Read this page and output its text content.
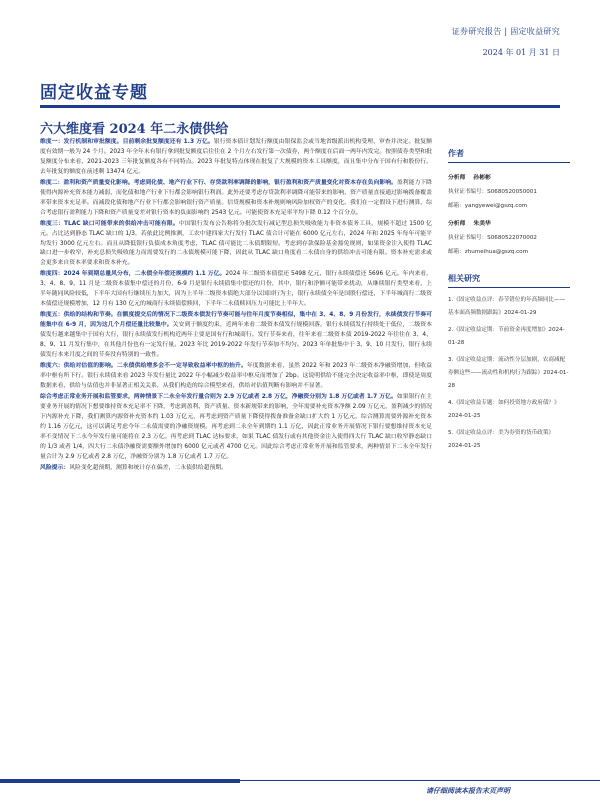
证券研究报告 | 固定收益研究
2024 年 01 月 31 日
固定收益专题
六大维度看 2024 年二永债供给

维度一：发行机制和审批额度。目前剩余批复额度还有 1.3 万亿。银行资本债计划发行额度由银保监会或当地省级派出机构受理、审查并决定。批复额度有效期一般为 24 个月。2023 年全年未有银行拿到批复额度后往往在 2 个月左右发行第一次债券，两个额度在后面一两年内发完。按照债券类型和批复额度分布来看，2021-2023 三年批复额度各有不同特点。2023 年批复特点体现在批复了大规模的资本工具额度，而且集中分布于国有行和股份行。去年批复的额度在前述剩 13474 亿元。

维度二：盈利和资产质量变化影响。考虑到化债、地产行业下行、存贷款利率调降的影响，银行盈利和资产质量变化对资本存在负向影响。盈利能力下降使得内源补充资本能力减弱，而化债和地产行业下行都会影响银行利润。此外还要考虑存贷款利率调降可能带来的影响，资产质量直接通过影响拨备覆盖率带来资本充足率。而减段化债和地产行业下行都会影响银行资产质量。信贷规模和资本补规则响风险加权资产的变化。我们在一定假设下进行测算，综合考虑银行盈利能力下降和资产质量变差对银行资本的负面影响约 2543 亿元。可能使资本充足率平均下降 0.12 个百分点。

维度三：TLAC 缺口可能带来的供给冲击可能有限。中国银行发布公告称将分批次发行减记型总损失吸收能力非资本债务工具，规模不超过 1500 亿元。占比达到静态 TLAC 缺口的 1/3，若依此比例推测，工农中建四家大行发行 TLAC 债合计可能在 6000 亿元左右，2024 年和 2025 年每年可能平均发行 3000 亿元左右。而且从降低银行负债成本角度考虑，TLAC 债可能比二永债期限短。考虑到存款保险基金豁免规则，如果资金注入使得 TLAC 缺口进一步收窄，补充总损失吸收能力而需要发行的二永债规模可能下降，因此从 TLAC 缺口角度看二永债自身的供给冲击可能有限。资本补充需求或会更多来自资本率要求和资本补充。

维度四：2024 年到期总量风分布，二永债全年偿还规模约 1.1 万亿。2024 年二级资本债偿还 5498 亿元，银行永续债偿还 5696 亿元。年内来看，3、4、8、9、11 月是二级资本债集中偿还的月份，6-9 月是银行永续债集中偿还的月份，其中，银行和净额可能带来扰动，从继续银行类型来看，上半年随同风险较低，下半年大国有行继续压力加大，因为上半年二级资本债绝大部分以国国行为主，银行永续债全年是国股行偿还，下半年城商行二级资本债偿还规模增加，12 月有 130 亿元的城商行永续债偿赎回，下半年二永债赎回压力可能比上半年大。

维度五：供给的结构和节奏。在额度提交后的情况下二级资本债发行节奏可能与往年月度节奏相似，集中在 3、4、8、9 月份发行，永续债发行节奏可能集中在 6-9 月，因为这几个月偿还量比较集中。关安到于额度约束，近两年来看二级资本债发行规模回落，银行永续债发行持续处于低位，二级资本债发行越来越集中于国有大行，银行永续债发行机构近两年主要是国有行和城商行。发行节奏来看，往年来看二级资本债 2019-2022 年往往在 3、4、8、9、11 月发行集中，在其他月份也有一定发行量。2023 年比 2019-2022 年发行节奏加不均匀。2023 年单批集中于 3、9、10 月发行，银行永续债发行本来月度之间的节奏没有特别的一致性。

维度六：供给对估值的影响。二永债供给增多会不一定导致收益率中枢的抬升。年度数据来看，虽然 2022 年和 2023 年二级资本净融资增加，但收益率中枢有所下行。银行永续债来看 2023 年发行量比 2022 年小幅减少收益率中枢反而增加了 2bp。这说明供给不能完全决定收益率中枢，即使是周度数据来看，供给与估值也并非显著正相关关系，从我们构造的综合模型来看，供给对估值判断有影响并不显著。

综合考虑正常业务开展和监管要求，两种情景下二永全年发行量合则为 2.9 万亿或者 2.8 万亿，净融资分别为 1.8 万亿或者 1.7 万亿。如果银行在主要业务开展的情况下想要维持资本充足率不下降，考虑到盈利、资产质量、资本新规带来的影响，全年需要补充资本净额 2.09 万亿元，盈利减少的情况下内源补充下降，我们测算内源资补充资本约 1.03 万亿元，再考虑到资产质量下降使得拨备准备金缺口扩大约 1 万亿元，综合测算需要外源补充资本约 1.16 万亿元，这可以满足考虑今年二永债需要的净融资规模。再考虑到二永全年到期约 1.1 万亿，因此正常业务开展情况下银行要想维持资本充足率不变情况下二永今年发行量可能将在 2.3 万亿。再考虑到 TLAC 达标要求，如果 TLAC 债发行或有其他资金注入使得四大行 TLAC 缺口收窄静态缺口的 1/3 或者 1/4，四大行二永债净融资需要额外增加约 6000 亿元或者 4700 亿元。因此综合考虑正常业务开展和监管要求，两种情景下二永全年发行量合计为 2.9 万亿或者 2.8 万亿，净融资分别为 1.8 万亿或者 1.7 万亿。

风险提示：风险变化超预期，测算和统计存在偏差，二永债供给超预期。

作者
分析师 孙彬彬
执业证书编号：S0680520050001
邮箱：yangyewei@gszq.com
分析师 朱美华
执业证书编号：S0680522070002
邮箱：zhumeihua@gszq.com
相关研究
1.《固定收益点评：春节错位的年高频同比——基本面高频数据跟踪》2024-01-29
2.《固定收益定期：节前资金再度增加》2024-01-28
3.《固定收益定期：流动性分层加剧，农商减配券额这些——流动性和机构行为跟踪》2024-01-28
4.《固定收益专题：如何投资地方政府债？》2024-01-25
5.《固定收益点评：美为券资的货币政策》2024-01-25
请仔细阅读本报告末页声明
